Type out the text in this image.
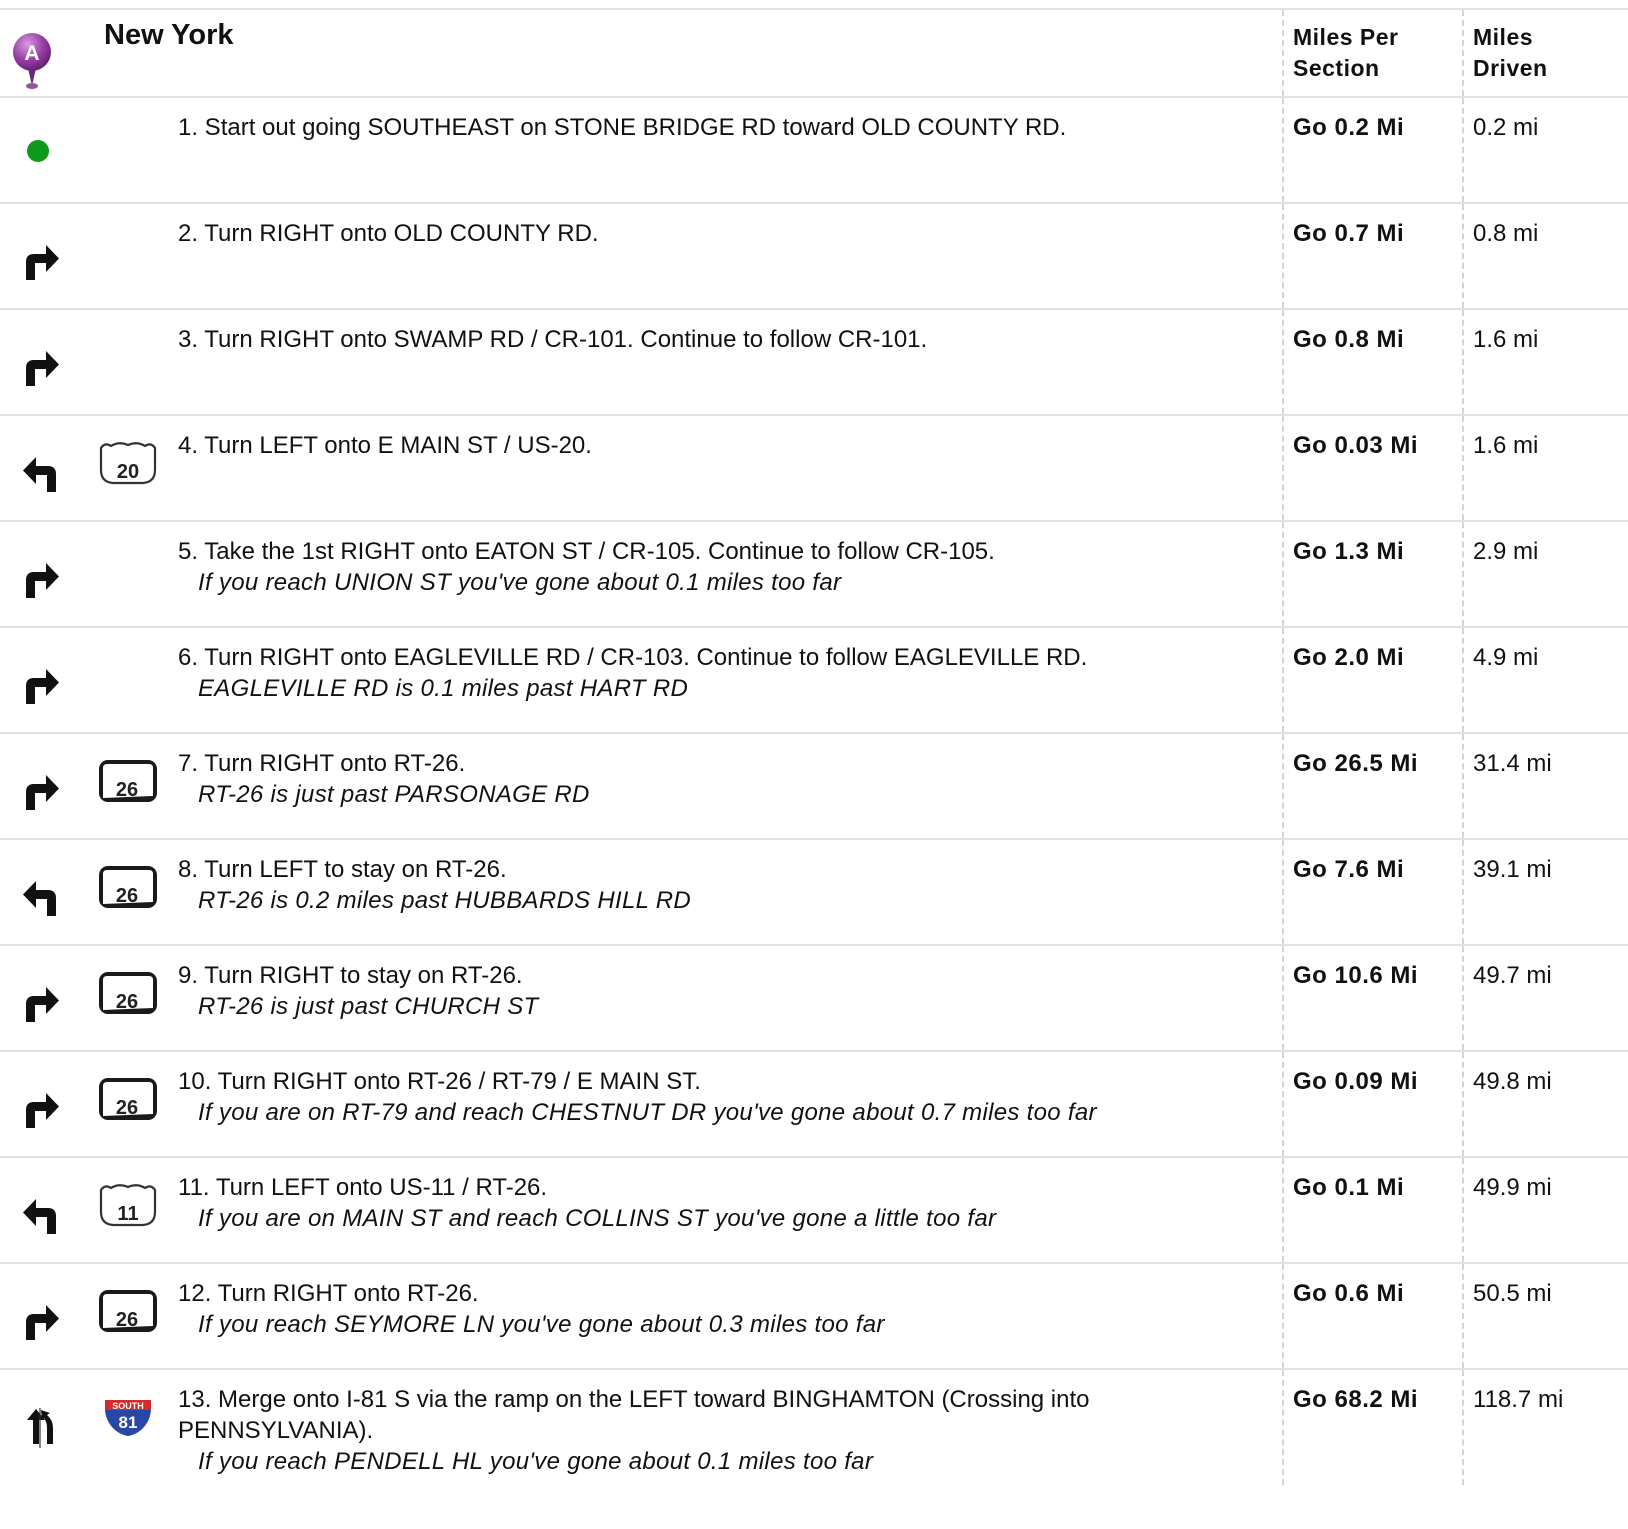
A
New York	Miles Per
Section
Miles
Driven
1. Start out going SOUTHEAST on STONE BRIDGE RD toward OLD COUNTY RD.	Go 0.2 Mi	0.2 mi
2. Turn RIGHT onto OLD COUNTY RD.	Go 0.7 Mi	0.8 mi
3. Turn RIGHT onto SWAMP RD / CR-101. Continue to follow CR-101.	Go 0.8 Mi	1.6 mi
20
4. Turn LEFT onto E MAIN ST / US-20.	Go 0.03 Mi 1.6 mi
5. Take the 1st RIGHT onto EATON ST / CR-105. Continue to follow CR-105.
If you reach UNION ST you've gone about 0.1 miles too far
Go 1.3 Mi	2.9 mi
6. Turn RIGHT onto EAGLEVILLE RD / CR-103. Continue to follow EAGLEVILLE RD.
EAGLEVILLE RD is 0.1 miles past HART RD
Go 2.0 Mi	4.9 mi
26
7. Turn RIGHT onto RT-26.
RT-26 is just past PARSONAGE RD
Go 26.5 Mi 31.4 mi
26
8. Turn LEFT to stay on RT-26.
RT-26 is 0.2 miles past HUBBARDS HILL RD
Go 7.6 Mi	39.1 mi
26
9. Turn RIGHT to stay on RT-26.
RT-26 is just past CHURCH ST
Go 10.6 Mi 49.7 mi
26
10. Turn RIGHT onto RT-26 / RT-79 / E MAIN ST.
If you are on RT-79 and reach CHESTNUT DR you've gone about 0.7 miles too far
Go 0.09 Mi 49.8 mi
11
11. Turn LEFT onto US-11 / RT-26.
If you are on MAIN ST and reach COLLINS ST you've gone a little too far
Go 0.1 Mi	49.9 mi
26
12. Turn RIGHT onto RT-26.
If you reach SEYMORE LN you've gone about 0.3 miles too far
Go 0.6 Mi	50.5 mi
SOUTH
81
13. Merge onto I-81 S via the ramp on the LEFT toward BINGHAMTON (Crossing into PENNSYLVANIA).
If you reach PENDELL HL you've gone about 0.1 miles too far
Go 68.2 Mi 118.7 mi
